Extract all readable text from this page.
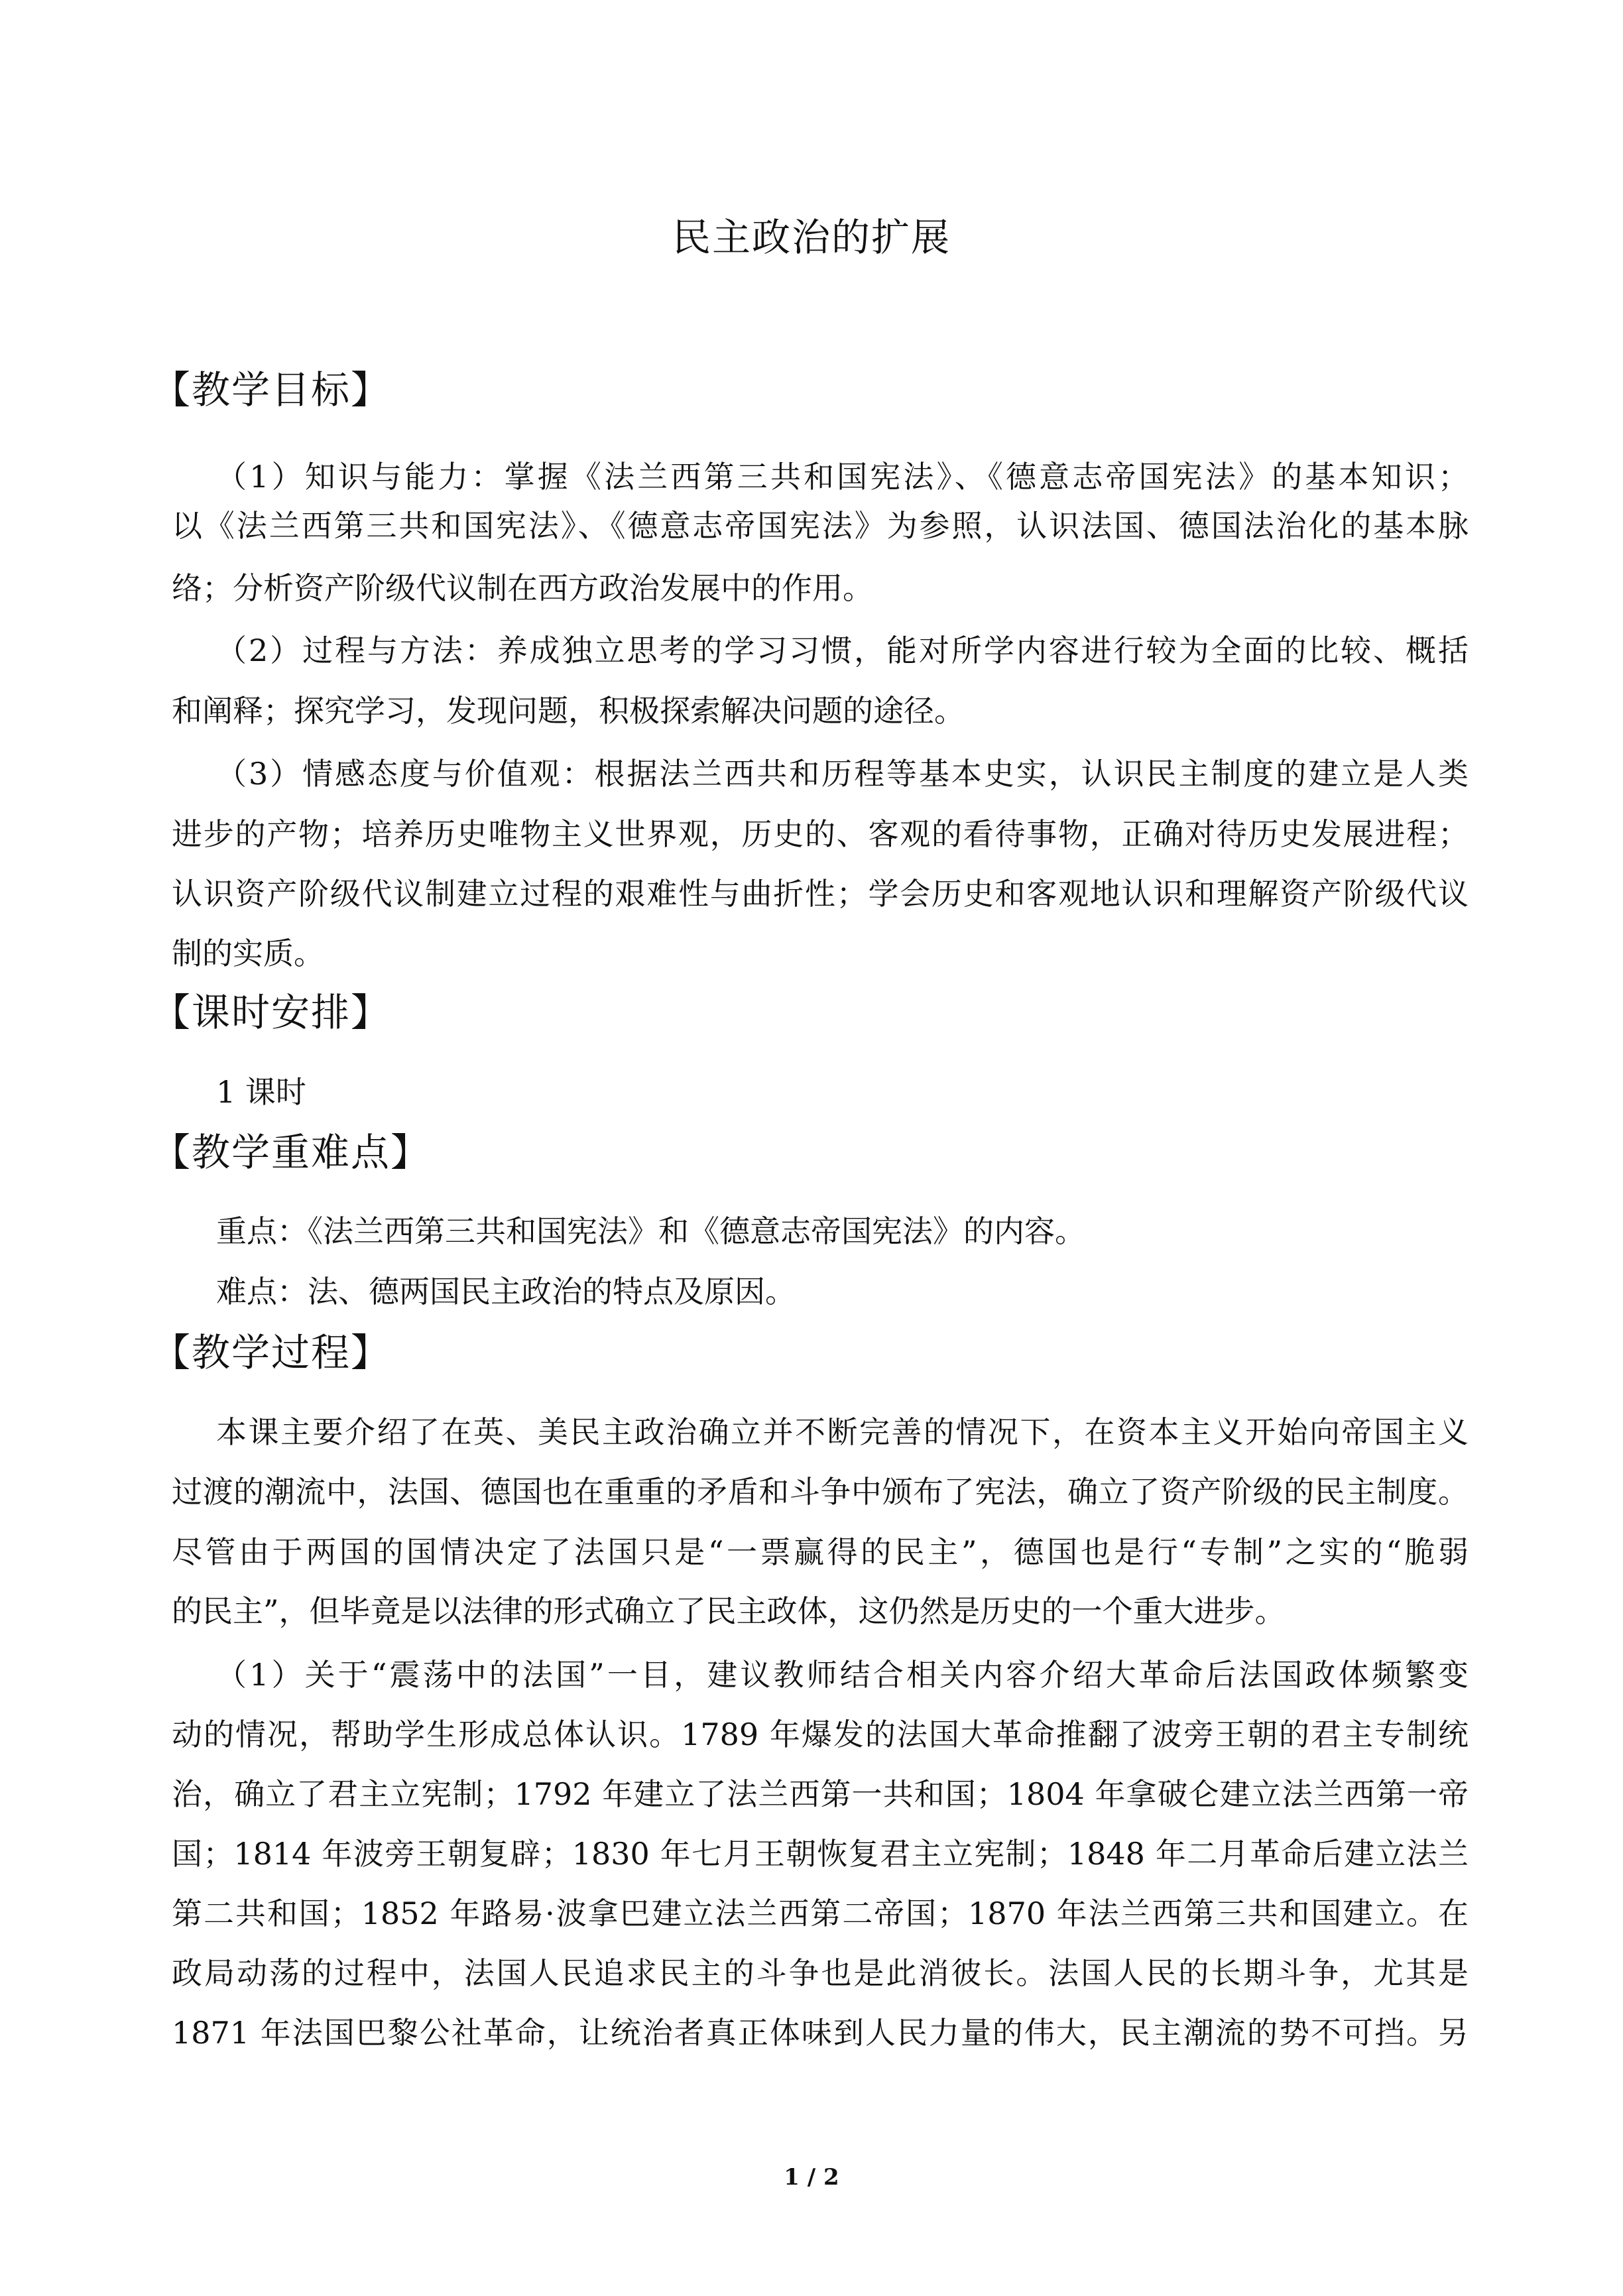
民主政治的扩展
【教学目标】
（1）知识与能力：掌握《法兰西第三共和国宪法》、《德意志帝国宪法》的基本知识；
以《法兰西第三共和国宪法》、《德意志帝国宪法》为参照，认识法国、德国法治化的基本脉
络；分析资产阶级代议制在西方政治发展中的作用。
（2）过程与方法：养成独立思考的学习习惯，能对所学内容进行较为全面的比较、概括
和阐释；探究学习，发现问题，积极探索解决问题的途径。
（3）情感态度与价值观：根据法兰西共和历程等基本史实，认识民主制度的建立是人类
进步的产物；培养历史唯物主义世界观，历史的、客观的看待事物，正确对待历史发展进程；
认识资产阶级代议制建立过程的艰难性与曲折性；学会历史和客观地认识和理解资产阶级代议
制的实质。
【课时安排】
1 课时
【教学重难点】
重点：《法兰西第三共和国宪法》和《德意志帝国宪法》的内容。
难点：法、德两国民主政治的特点及原因。
【教学过程】
本课主要介绍了在英、美民主政治确立并不断完善的情况下，在资本主义开始向帝国主义
过渡的潮流中，法国、德国也在重重的矛盾和斗争中颁布了宪法，确立了资产阶级的民主制度。
尽管由于两国的国情决定了法国只是“一票赢得的民主”，德国也是行“专制”之实的“脆弱
的民主”，但毕竟是以法律的形式确立了民主政体，这仍然是历史的一个重大进步。
（1）关于“震荡中的法国”一目，建议教师结合相关内容介绍大革命后法国政体频繁变
动的情况，帮助学生形成总体认识。1789 年爆发的法国大革命推翻了波旁王朝的君主专制统
治，确立了君主立宪制；1792 年建立了法兰西第一共和国；1804 年拿破仑建立法兰西第一帝
国；1814 年波旁王朝复辟；1830 年七月王朝恢复君主立宪制；1848 年二月革命后建立法兰
第二共和国；1852 年路易·波拿巴建立法兰西第二帝国；1870 年法兰西第三共和国建立。在
政局动荡的过程中，法国人民追求民主的斗争也是此消彼长。法国人民的长期斗争，尤其是
1871 年法国巴黎公社革命，让统治者真正体味到人民力量的伟大，民主潮流的势不可挡。另
1 / 2
